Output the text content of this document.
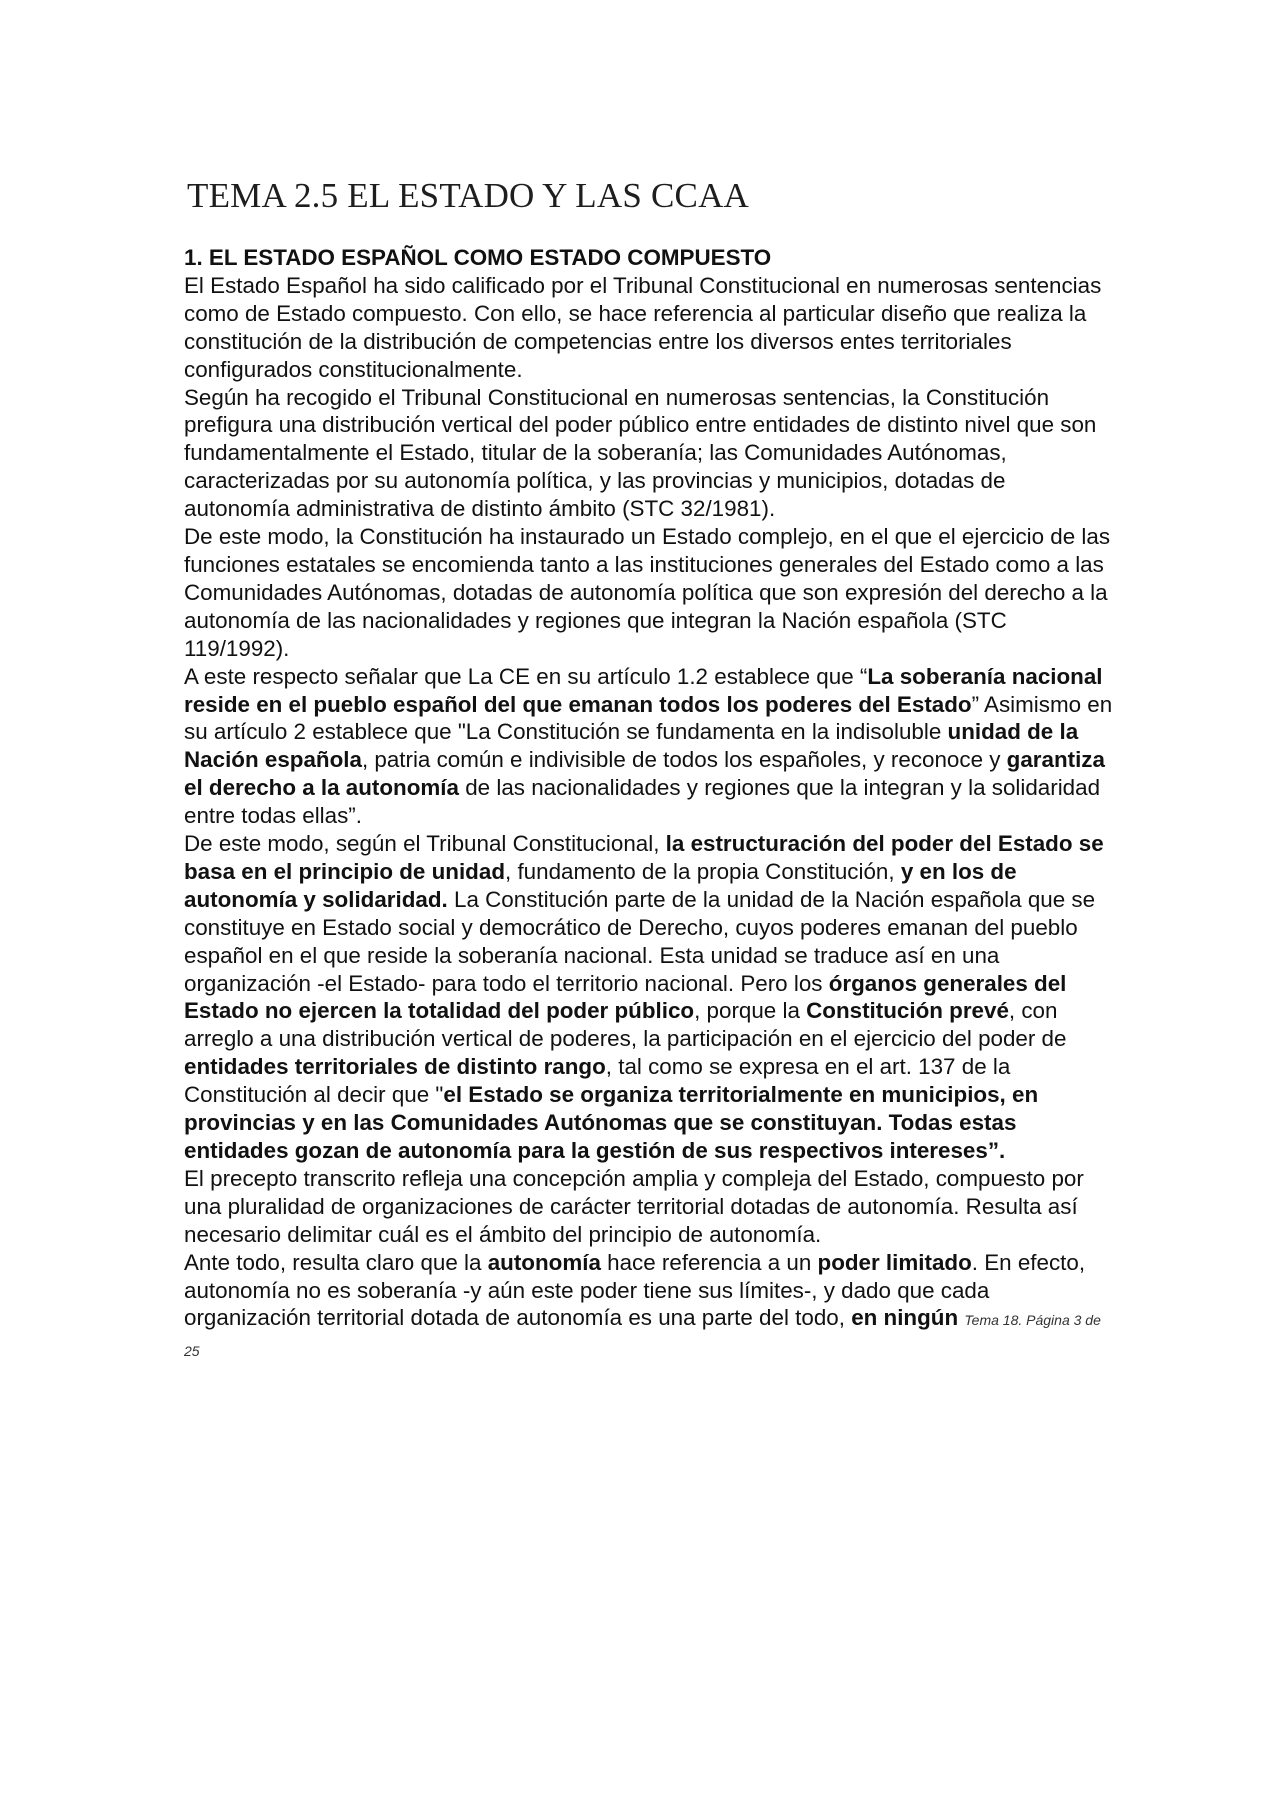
TEMA 2.5 EL ESTADO Y LAS CCAA
1. EL ESTADO ESPAÑOL COMO ESTADO COMPUESTO

El Estado Español ha sido calificado por el Tribunal Constitucional en numerosas sentencias como de Estado compuesto. Con ello, se hace referencia al particular diseño que realiza la constitución de la distribución de competencias entre los diversos entes territoriales configurados constitucionalmente.

Según ha recogido el Tribunal Constitucional en numerosas sentencias, la Constitución prefigura una distribución vertical del poder público entre entidades de distinto nivel que son fundamentalmente el Estado, titular de la soberanía; las Comunidades Autónomas, caracterizadas por su autonomía política, y las provincias y municipios, dotadas de autonomía administrativa de distinto ámbito (STC 32/1981).

De este modo, la Constitución ha instaurado un Estado complejo, en el que el ejercicio de las funciones estatales se encomienda tanto a las instituciones generales del Estado como a las Comunidades Autónomas, dotadas de autonomía política que son expresión del derecho a la autonomía de las nacionalidades y regiones que integran la Nación española (STC 119/1992).

A este respecto señalar que La CE en su artículo 1.2 establece que “La soberanía nacional reside en el pueblo español del que emanan todos los poderes del Estado” Asimismo en su artículo 2 establece que "La Constitución se fundamenta en la indisoluble unidad de la Nación española, patria común e indivisible de todos los españoles, y reconoce y garantiza el derecho a la autonomía de las nacionalidades y regiones que la integran y la solidaridad entre todas ellas”.

De este modo, según el Tribunal Constitucional, la estructuración del poder del Estado se basa en el principio de unidad, fundamento de la propia Constitución, y en los de autonomía y solidaridad. La Constitución parte de la unidad de la Nación española que se constituye en Estado social y democrático de Derecho, cuyos poderes emanan del pueblo español en el que reside la soberanía nacional. Esta unidad se traduce así en una organización -el Estado- para todo el territorio nacional. Pero los órganos generales del Estado no ejercen la totalidad del poder público, porque la Constitución prevé, con arreglo a una distribución vertical de poderes, la participación en el ejercicio del poder de entidades territoriales de distinto rango, tal como se expresa en el art. 137 de la Constitución al decir que "el Estado se organiza territorialmente en municipios, en provincias y en las Comunidades Autónomas que se constituyan. Todas estas entidades gozan de autonomía para la gestión de sus respectivos intereses”.

El precepto transcrito refleja una concepción amplia y compleja del Estado, compuesto por una pluralidad de organizaciones de carácter territorial dotadas de autonomía. Resulta así necesario delimitar cuál es el ámbito del principio de autonomía.

Ante todo, resulta claro que la autonomía hace referencia a un poder limitado. En efecto, autonomía no es soberanía -y aún este poder tiene sus límites-, y dado que cada organización territorial dotada de autonomía es una parte del todo, en ningún Tema 18. Página 3 de 25
